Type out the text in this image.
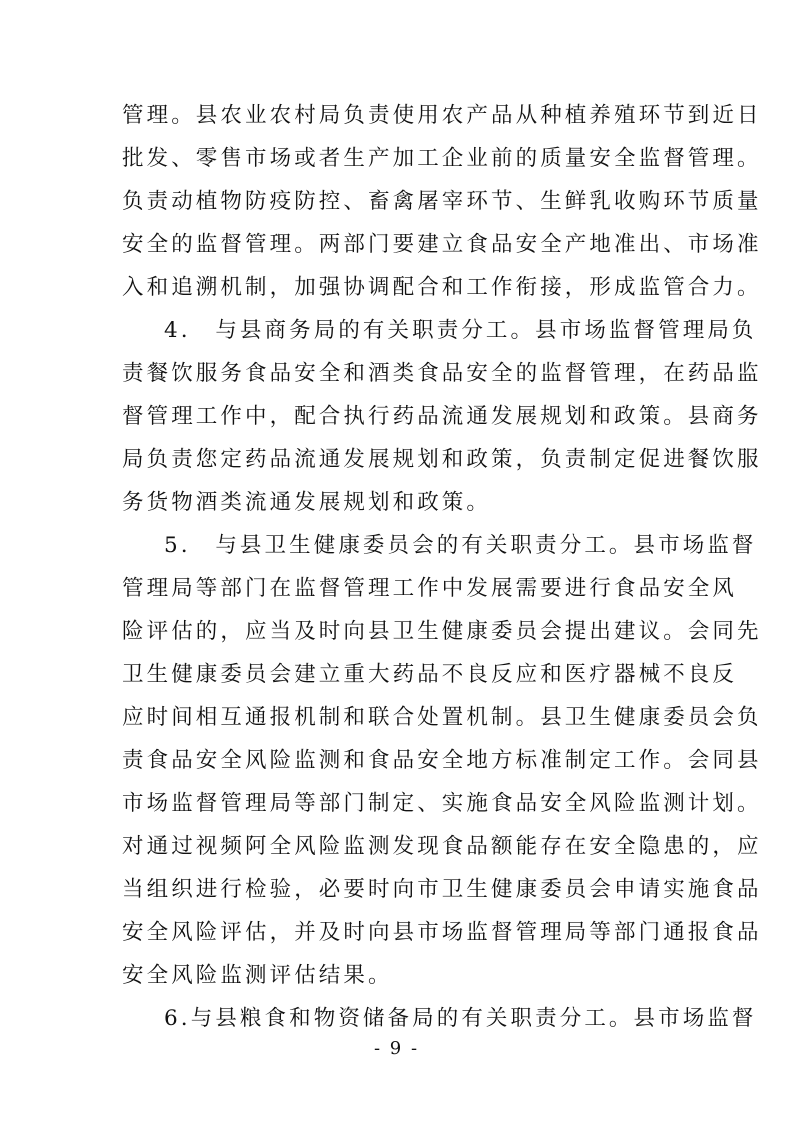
管理。县农业农村局负责使用农产品从种植养殖环节到近日
批发、零售市场或者生产加工企业前的质量安全监督管理。
负责动植物防疫防控、畜禽屠宰环节、生鲜乳收购环节质量
安全的监督管理。两部门要建立食品安全产地准出、市场准
入和追溯机制，加强协调配合和工作衔接，形成监管合力。
4.　与县商务局的有关职责分工。县市场监督管理局负
责餐饮服务食品安全和酒类食品安全的监督管理，在药品监
督管理工作中，配合执行药品流通发展规划和政策。县商务
局负责您定药品流通发展规划和政策，负责制定促进餐饮服
务货物酒类流通发展规划和政策。
5.　与县卫生健康委员会的有关职责分工。县市场监督
管理局等部门在监督管理工作中发展需要进行食品安全风
险评估的，应当及时向县卫生健康委员会提出建议。会同先
卫生健康委员会建立重大药品不良反应和医疗器械不良反
应时间相互通报机制和联合处置机制。县卫生健康委员会负
责食品安全风险监测和食品安全地方标准制定工作。会同县
市场监督管理局等部门制定、实施食品安全风险监测计划。
对通过视频阿全风险监测发现食品额能存在安全隐患的，应
当组织进行检验，必要时向市卫生健康委员会申请实施食品
安全风险评估，并及时向县市场监督管理局等部门通报食品
安全风险监测评估结果。
6.与县粮食和物资储备局的有关职责分工。县市场监督
- 9 -
